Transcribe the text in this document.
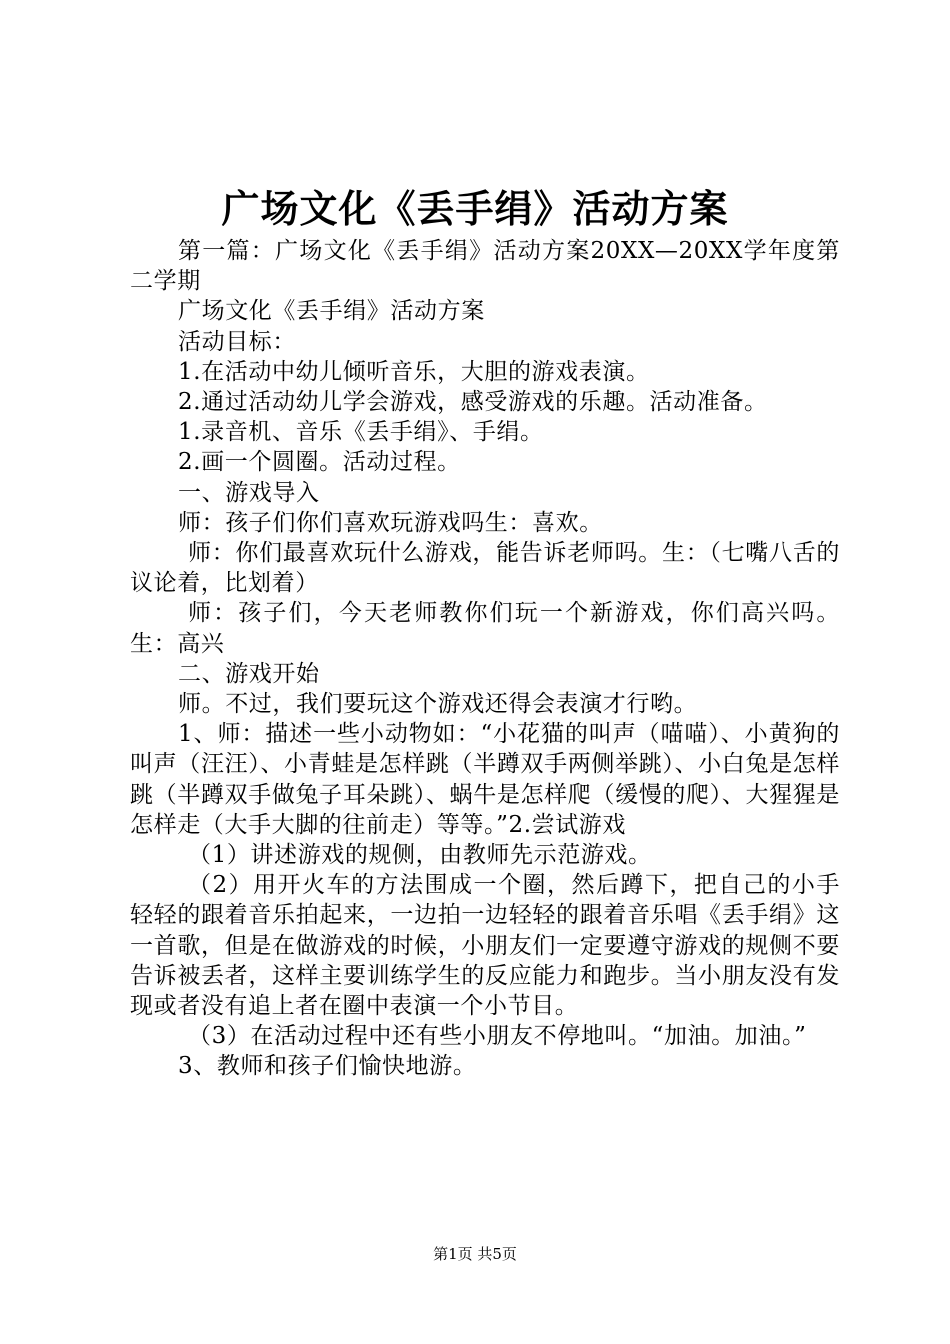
广场文化《丢手绢》活动方案

第一篇：广场文化《丢手绢》活动方案20XX—20XX学年度第二学期

广场文化《丢手绢》活动方案

活动目标：

1.在活动中幼儿倾听音乐，大胆的游戏表演。

2.通过活动幼儿学会游戏，感受游戏的乐趣。活动准备。

1.录音机、音乐《丢手绢》、手绢。

2.画一个圆圈。活动过程。

一、游戏导入

师：孩子们你们喜欢玩游戏吗生：喜欢。

师：你们最喜欢玩什么游戏，能告诉老师吗。生：（七嘴八舌的议论着，比划着）

师：孩子们，今天老师教你们玩一个新游戏，你们高兴吗。生：高兴

二、游戏开始

师。不过，我们要玩这个游戏还得会表演才行哟。

1、师：描述一些小动物如：“小花猫的叫声（喵喵）、小黄狗的叫声（汪汪）、小青蛙是怎样跳（半蹲双手两侧举跳）、小白兔是怎样跳（半蹲双手做兔子耳朵跳）、蜗牛是怎样爬（缓慢的爬）、大猩猩是怎样走（大手大脚的往前走）等等。”2.尝试游戏

（1）讲述游戏的规侧，由教师先示范游戏。

（2）用开火车的方法围成一个圈，然后蹲下，把自己的小手轻轻的跟着音乐拍起来，一边拍一边轻轻的跟着音乐唱《丢手绢》这一首歌，但是在做游戏的时候，小朋友们一定要遵守游戏的规侧不要告诉被丢者，这样主要训练学生的反应能力和跑步。当小朋友没有发现或者没有追上者在圈中表演一个小节目。

（3）在活动过程中还有些小朋友不停地叫。“加油。加油。”

3、教师和孩子们愉快地游。

第1页 共5页
